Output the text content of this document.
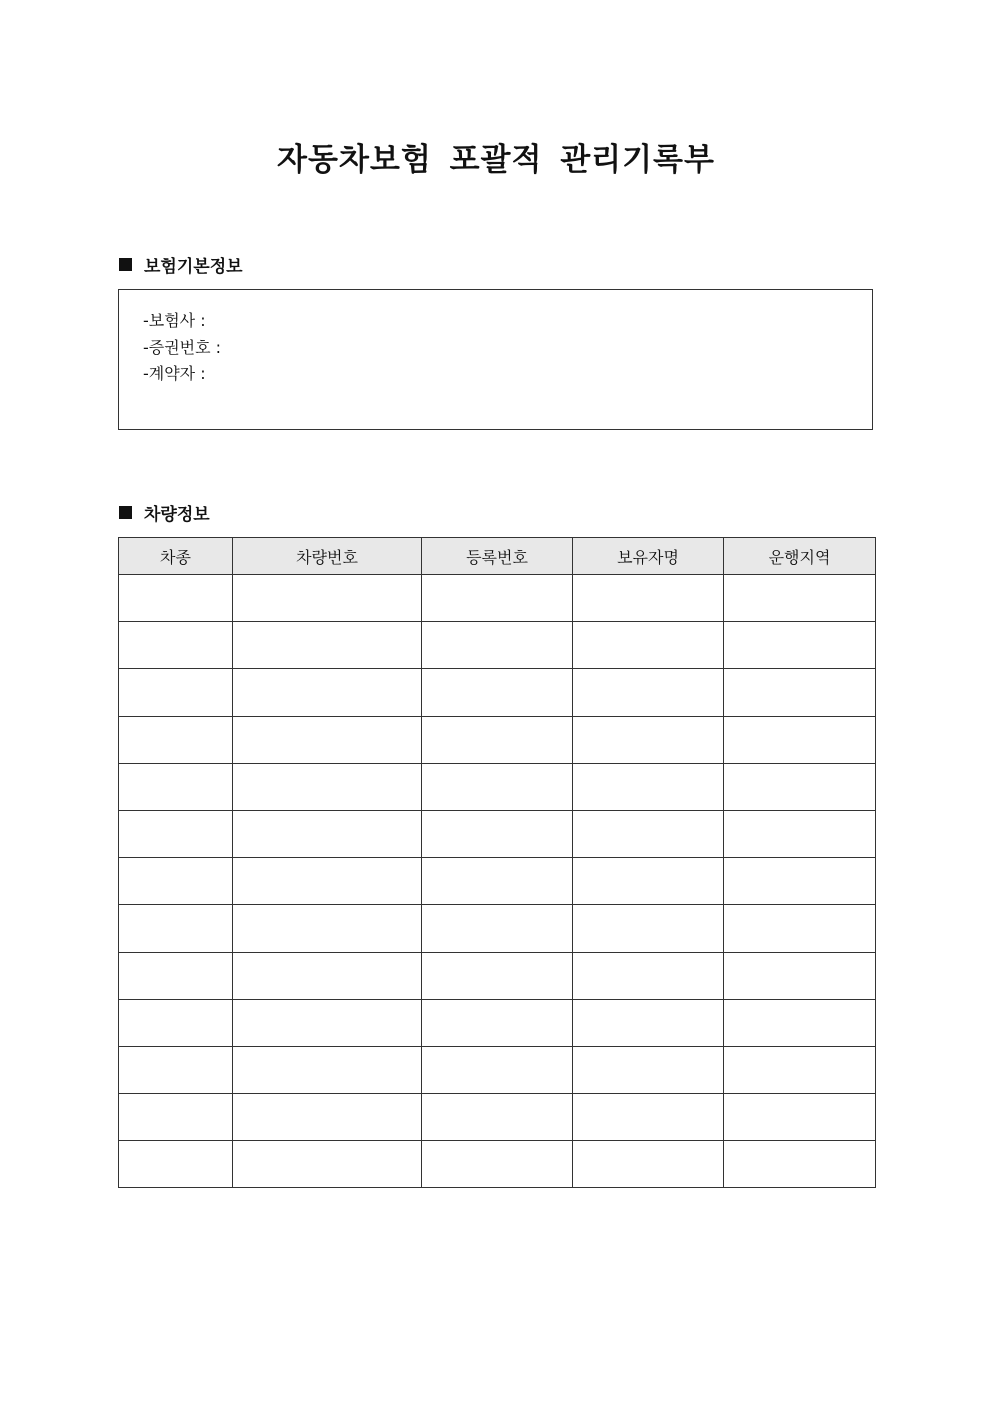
자동차보험 포괄적 관리기록부
보험기본정보
-보험사 :
-증권번호 :
-계약자 :
차량정보
차종	차량번호	등록번호	보유자명	운행지역
